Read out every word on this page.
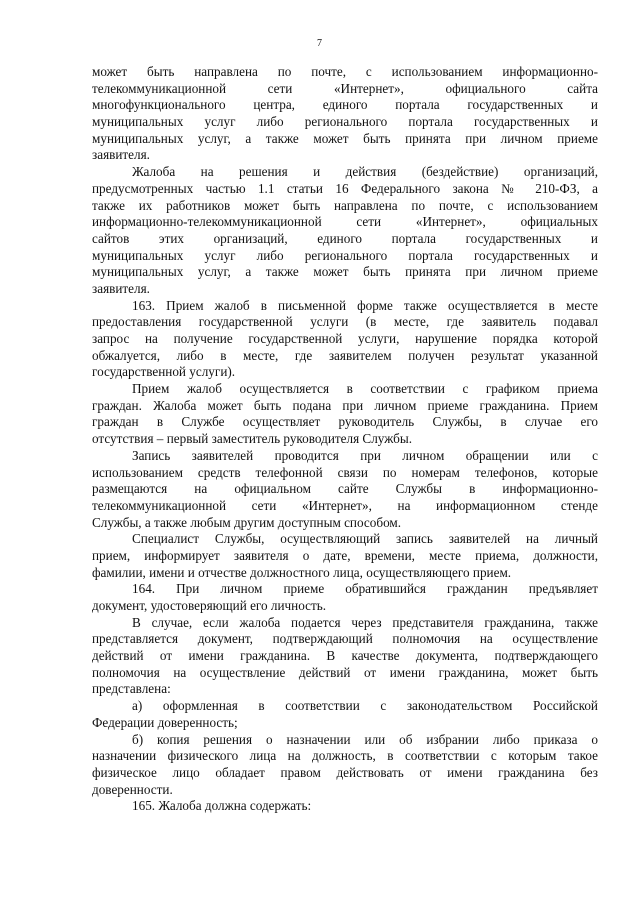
7
может быть направлена по почте, с использованием информационно-
телекоммуникационной сети «Интернет», официального сайта
многофункционального центра, единого портала государственных и
муниципальных услуг либо регионального портала государственных и
муниципальных услуг, а также может быть принята при личном приеме
заявителя.
Жалоба на решения и действия (бездействие) организаций,
предусмотренных частью 1.1 статьи 16 Федерального закона № 210-ФЗ, а
также их работников может быть направлена по почте, с использованием
информационно-телекоммуникационной сети «Интернет», официальных
сайтов этих организаций, единого портала государственных и
муниципальных услуг либо регионального портала государственных и
муниципальных услуг, а также может быть принята при личном приеме
заявителя.
163. Прием жалоб в письменной форме также осуществляется в месте
предоставления государственной услуги (в месте, где заявитель подавал
запрос на получение государственной услуги, нарушение порядка которой
обжалуется, либо в месте, где заявителем получен результат указанной
государственной услуги).
Прием жалоб осуществляется в соответствии с графиком приема
граждан. Жалоба может быть подана при личном приеме гражданина. Прием
граждан в Службе осуществляет руководитель Службы, в случае его
отсутствия – первый заместитель руководителя Службы.
Запись заявителей проводится при личном обращении или с
использованием средств телефонной связи по номерам телефонов, которые
размещаются на официальном сайте Службы в информационно-
телекоммуникационной сети «Интернет», на информационном стенде
Службы, а также любым другим доступным способом.
Специалист Службы, осуществляющий запись заявителей на личный
прием, информирует заявителя о дате, времени, месте приема, должности,
фамилии, имени и отчестве должностного лица, осуществляющего прием.
164. При личном приеме обратившийся гражданин предъявляет
документ, удостоверяющий его личность.
В случае, если жалоба подается через представителя гражданина, также
представляется документ, подтверждающий полномочия на осуществление
действий от имени гражданина. В качестве документа, подтверждающего
полномочия на осуществление действий от имени гражданина, может быть
представлена:
а) оформленная в соответствии с законодательством Российской
Федерации доверенность;
б) копия решения о назначении или об избрании либо приказа о
назначении физического лица на должность, в соответствии с которым такое
физическое лицо обладает правом действовать от имени гражданина без
доверенности.
165. Жалоба должна содержать:
